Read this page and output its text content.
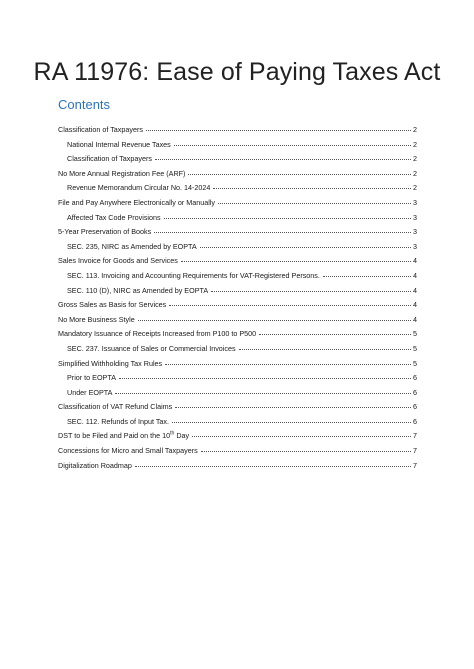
RA 11976: Ease of Paying Taxes Act
Contents
Classification of Taxpayers	2
National Internal Revenue Taxes	2
Classification of Taxpayers	2
No More Annual Registration Fee (ARF)	2
Revenue Memorandum Circular No. 14-2024	2
File and Pay Anywhere Electronically or Manually	3
Affected Tax Code Provisions	3
5-Year Preservation of Books	3
SEC. 235, NIRC as Amended by EOPTA	3
Sales Invoice for Goods and Services	4
SEC. 113. Invoicing and Accounting Requirements for VAT-Registered Persons.	4
SEC. 110 (D), NIRC as Amended by EOPTA	4
Gross Sales as Basis for Services	4
No More Business Style	4
Mandatory Issuance of Receipts Increased from P100 to P500	5
SEC. 237. Issuance of Sales or Commercial Invoices	5
Simplified Withholding Tax Rules	5
Prior to EOPTA	6
Under EOPTA	6
Classification of VAT Refund Claims	6
SEC. 112. Refunds of Input Tax.	6
DST to be Filed and Paid on the 10th Day	7
Concessions for Micro and Small Taxpayers	7
Digitalization Roadmap	7
